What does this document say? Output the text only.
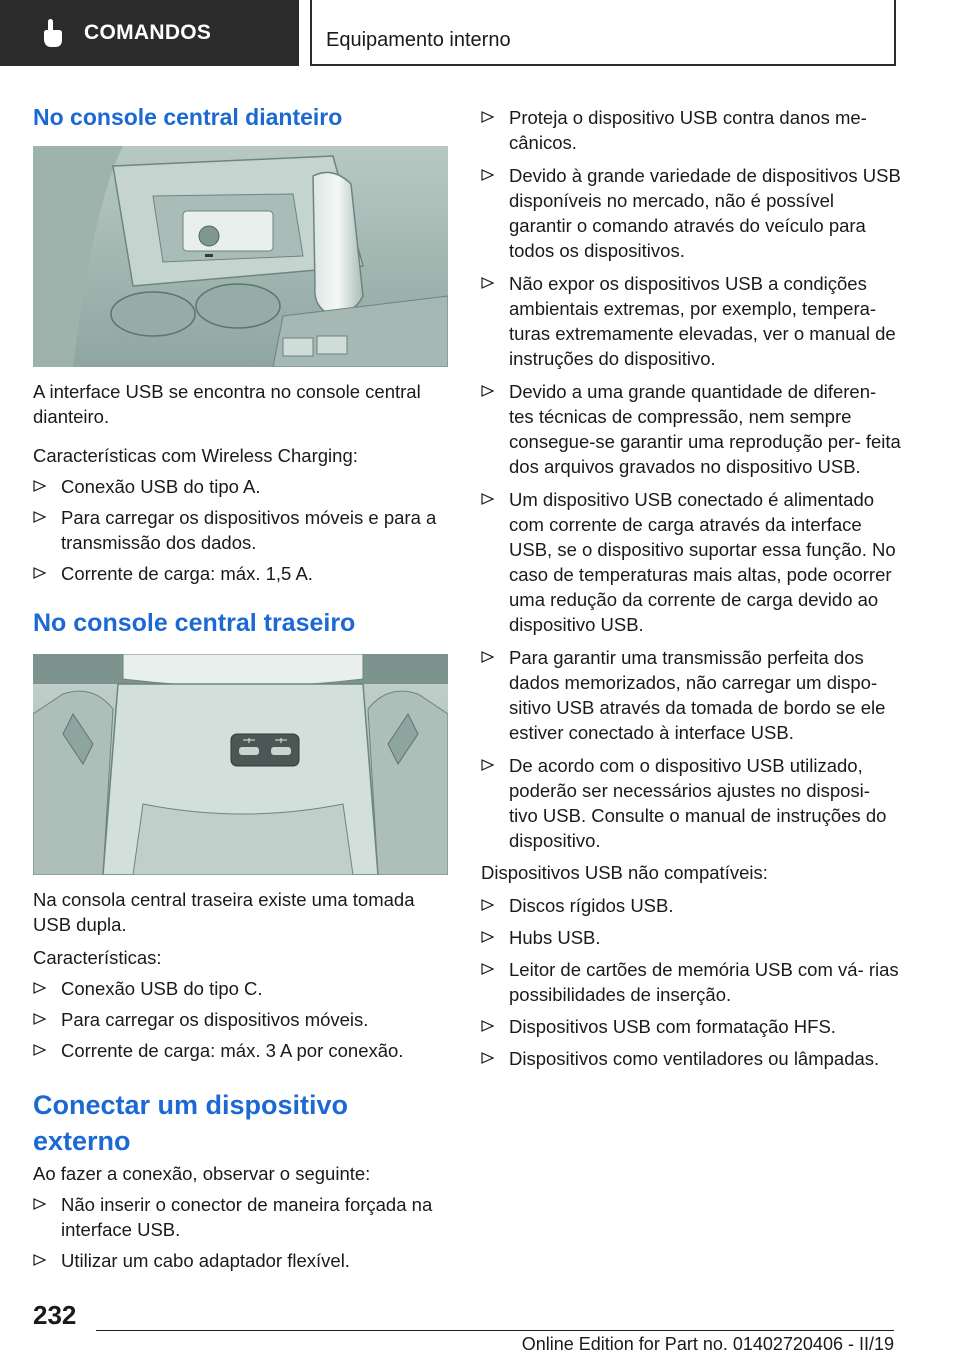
COMANDOS	Equipamento interno
No console central dianteiro

A interface USB se encontra no console central dianteiro.

Características com Wireless Charging:

Conexão USB do tipo A.
Para carregar os dispositivos móveis e para a transmissão dos dados.
Corrente de carga: máx. 1,5 A.
No console central traseiro

Na consola central traseira existe uma tomada USB dupla.

Características:

Conexão USB do tipo C.
Para carregar os dispositivos móveis.
Corrente de carga: máx. 3 A por conexão.
Conectar um dispositivo externo

Ao fazer a conexão, observar o seguinte:

Não inserir o conector de maneira forçada na interface USB.
Utilizar um cabo adaptador flexível.
Proteja o dispositivo USB contra danos me‐ cânicos.
Devido à grande variedade de dispositivos USB disponíveis no mercado, não é possível garantir o comando através do veículo para todos os dispositivos.
Não expor os dispositivos USB a condições ambientais extremas, por exemplo, tempera‐ turas extremamente elevadas, ver o manual de instruções do dispositivo.
Devido a uma grande quantidade de diferen‐ tes técnicas de compressão, nem sempre consegue-se garantir uma reprodução per‐ feita dos arquivos gravados no dispositivo USB.
Um dispositivo USB conectado é alimentado com corrente de carga através da interface USB, se o dispositivo suportar essa função. No caso de temperaturas mais altas, pode ocorrer uma redução da corrente de carga devido ao dispositivo USB.
Para garantir uma transmissão perfeita dos dados memorizados, não carregar um dispo‐ sitivo USB através da tomada de bordo se ele estiver conectado à interface USB.
De acordo com o dispositivo USB utilizado, poderão ser necessários ajustes no disposi‐ tivo USB. Consulte o manual de instruções do dispositivo.

Dispositivos USB não compatíveis:

Discos rígidos USB.
Hubs USB.
Leitor de cartões de memória USB com vá‐ rias possibilidades de inserção.
Dispositivos USB com formatação HFS.
Dispositivos como ventiladores ou lâmpadas.
232
Online Edition for Part no. 01402720406 - II/19
